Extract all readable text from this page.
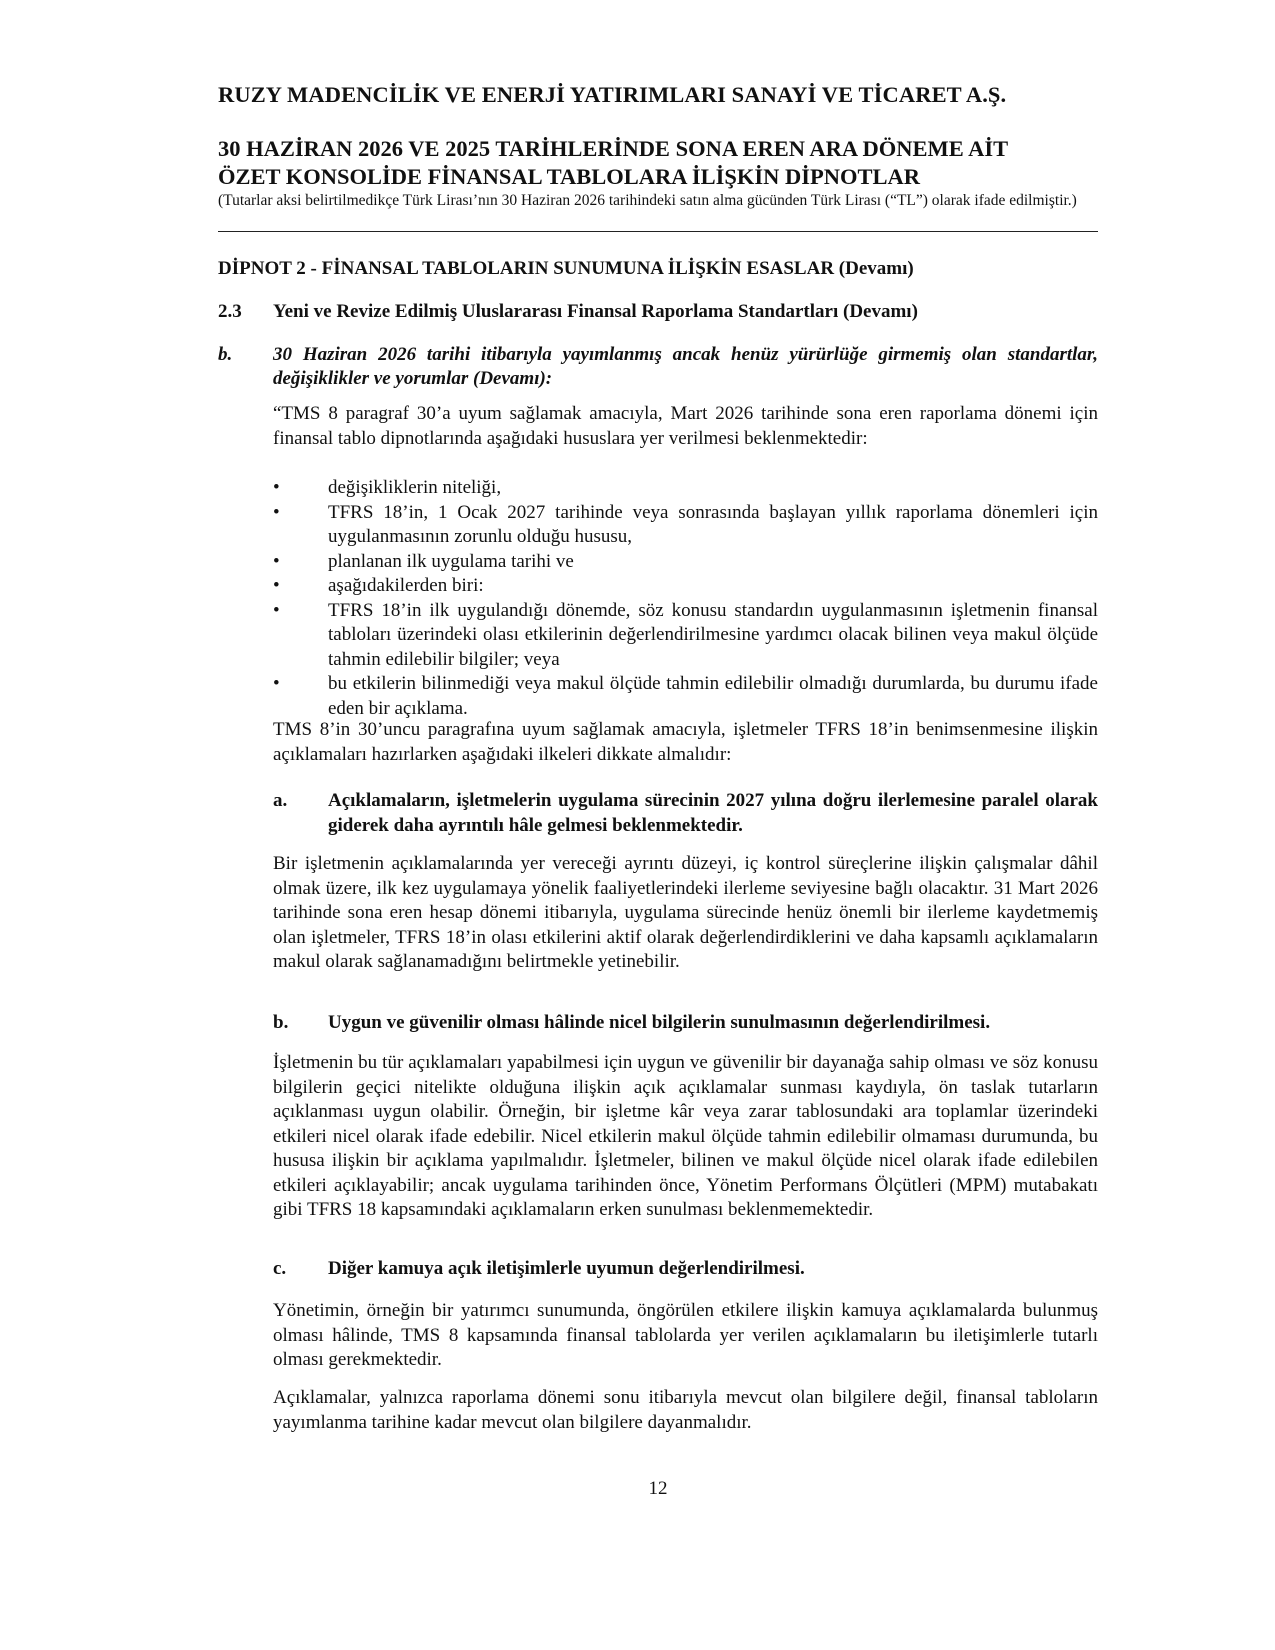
RUZY MADENCİLİK VE ENERJİ YATIRIMLARI SANAYİ VE TİCARET A.Ş.
30 HAZİRAN 2026 VE 2025 TARİHLERİNDE SONA EREN ARA DÖNEME AİT
ÖZET KONSOLİDE FİNANSAL TABLOLARA İLİŞKİN DİPNOTLAR
(Tutarlar aksi belirtilmedikçe Türk Lirası’nın 30 Haziran 2026 tarihindeki satın alma gücünden Türk Lirası (“TL”) olarak ifade edilmiştir.)
DİPNOT 2 - FİNANSAL TABLOLARIN SUNUMUNA İLİŞKİN ESASLAR (Devamı)
2.3 Yeni ve Revize Edilmiş Uluslararası Finansal Raporlama Standartları (Devamı)
b. 30 Haziran 2026 tarihi itibarıyla yayımlanmış ancak henüz yürürlüğe girmemiş olan standartlar, değişiklikler ve yorumlar (Devamı):
“TMS 8 paragraf 30’a uyum sağlamak amacıyla, Mart 2026 tarihinde sona eren raporlama dönemi için finansal tablo dipnotlarında aşağıdaki hususlara yer verilmesi beklenmektedir:
•	değişikliklerin niteliği,
•	TFRS 18’in, 1 Ocak 2027 tarihinde veya sonrasında başlayan yıllık raporlama dönemleri için uygulanmasının zorunlu olduğu hususu,
•	planlanan ilk uygulama tarihi ve
•	aşağıdakilerden biri:
•	TFRS 18’in ilk uygulandığı dönemde, söz konusu standardın uygulanmasının işletmenin finansal tabloları üzerindeki olası etkilerinin değerlendirilmesine yardımcı olacak bilinen veya makul ölçüde tahmin edilebilir bilgiler; veya
•	bu etkilerin bilinmediği veya makul ölçüde tahmin edilebilir olmadığı durumlarda, bu durumu ifade eden bir açıklama.
TMS 8’in 30’uncu paragrafına uyum sağlamak amacıyla, işletmeler TFRS 18’in benimsenmesine ilişkin açıklamaları hazırlarken aşağıdaki ilkeleri dikkate almalıdır:
a. Açıklamaların, işletmelerin uygulama sürecinin 2027 yılına doğru ilerlemesine paralel olarak giderek daha ayrıntılı hâle gelmesi beklenmektedir.
Bir işletmenin açıklamalarında yer vereceği ayrıntı düzeyi, iç kontrol süreçlerine ilişkin çalışmalar dâhil olmak üzere, ilk kez uygulamaya yönelik faaliyetlerindeki ilerleme seviyesine bağlı olacaktır. 31 Mart 2026 tarihinde sona eren hesap dönemi itibarıyla, uygulama sürecinde henüz önemli bir ilerleme kaydetmemiş olan işletmeler, TFRS 18’in olası etkilerini aktif olarak değerlendirdiklerini ve daha kapsamlı açıklamaların makul olarak sağlanamadığını belirtmekle yetinebilir.
b. Uygun ve güvenilir olması hâlinde nicel bilgilerin sunulmasının değerlendirilmesi.
İşletmenin bu tür açıklamaları yapabilmesi için uygun ve güvenilir bir dayanağa sahip olması ve söz konusu bilgilerin geçici nitelikte olduğuna ilişkin açık açıklamalar sunması kaydıyla, ön taslak tutarların açıklanması uygun olabilir. Örneğin, bir işletme kâr veya zarar tablosundaki ara toplamlar üzerindeki etkileri nicel olarak ifade edebilir. Nicel etkilerin makul ölçüde tahmin edilebilir olmaması durumunda, bu hususa ilişkin bir açıklama yapılmalıdır. İşletmeler, bilinen ve makul ölçüde nicel olarak ifade edilebilen etkileri açıklayabilir; ancak uygulama tarihinden önce, Yönetim Performans Ölçütleri (MPM) mutabakatı gibi TFRS 18 kapsamındaki açıklamaların erken sunulması beklenmemektedir.
c. Diğer kamuya açık iletişimlerle uyumun değerlendirilmesi.
Yönetimin, örneğin bir yatırımcı sunumunda, öngörülen etkilere ilişkin kamuya açıklamalarda bulunmuş olması hâlinde, TMS 8 kapsamında finansal tablolarda yer verilen açıklamaların bu iletişimlerle tutarlı olması gerekmektedir.
Açıklamalar, yalnızca raporlama dönemi sonu itibarıyla mevcut olan bilgilere değil, finansal tabloların yayımlanma tarihine kadar mevcut olan bilgilere dayanmalıdır.
12
